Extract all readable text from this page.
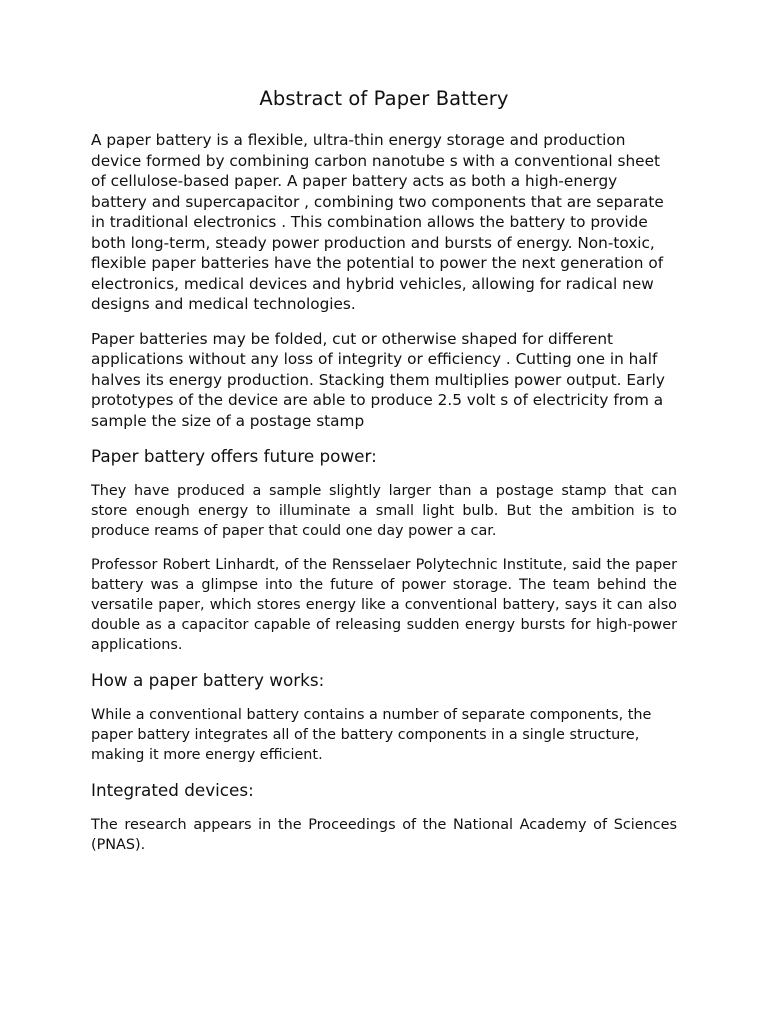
Abstract of Paper Battery

A paper battery is a flexible, ultra-thin energy storage and production device formed by combining carbon nanotube s with a conventional sheet of cellulose-based paper. A paper battery acts as both a high-energy battery and supercapacitor , combining two components that are separate in traditional electronics . This combination allows the battery to provide both long-term, steady power production and bursts of energy. Non-toxic, flexible paper batteries have the potential to power the next generation of electronics, medical devices and hybrid vehicles, allowing for radical new designs and medical technologies.

Paper batteries may be folded, cut or otherwise shaped for different applications without any loss of integrity or efficiency . Cutting one in half halves its energy production. Stacking them multiplies power output. Early prototypes of the device are able to produce 2.5 volt s of electricity from a sample the size of a postage stamp

Paper battery offers future power:

They have produced a sample slightly larger than a postage stamp that can store enough energy to illuminate a small light bulb. But the ambition is to produce reams of paper that could one day power a car.

Professor Robert Linhardt, of the Rensselaer Polytechnic Institute, said the paper battery was a glimpse into the future of power storage. The team behind the versatile paper, which stores energy like a conventional battery, says it can also double as a capacitor capable of releasing sudden energy bursts for high-power applications.

How a paper battery works:

While a conventional battery contains a number of separate components, the paper battery integrates all of the battery components in a single structure, making it more energy efficient.

Integrated devices:

The research appears in the Proceedings of the National Academy of Sciences (PNAS).
